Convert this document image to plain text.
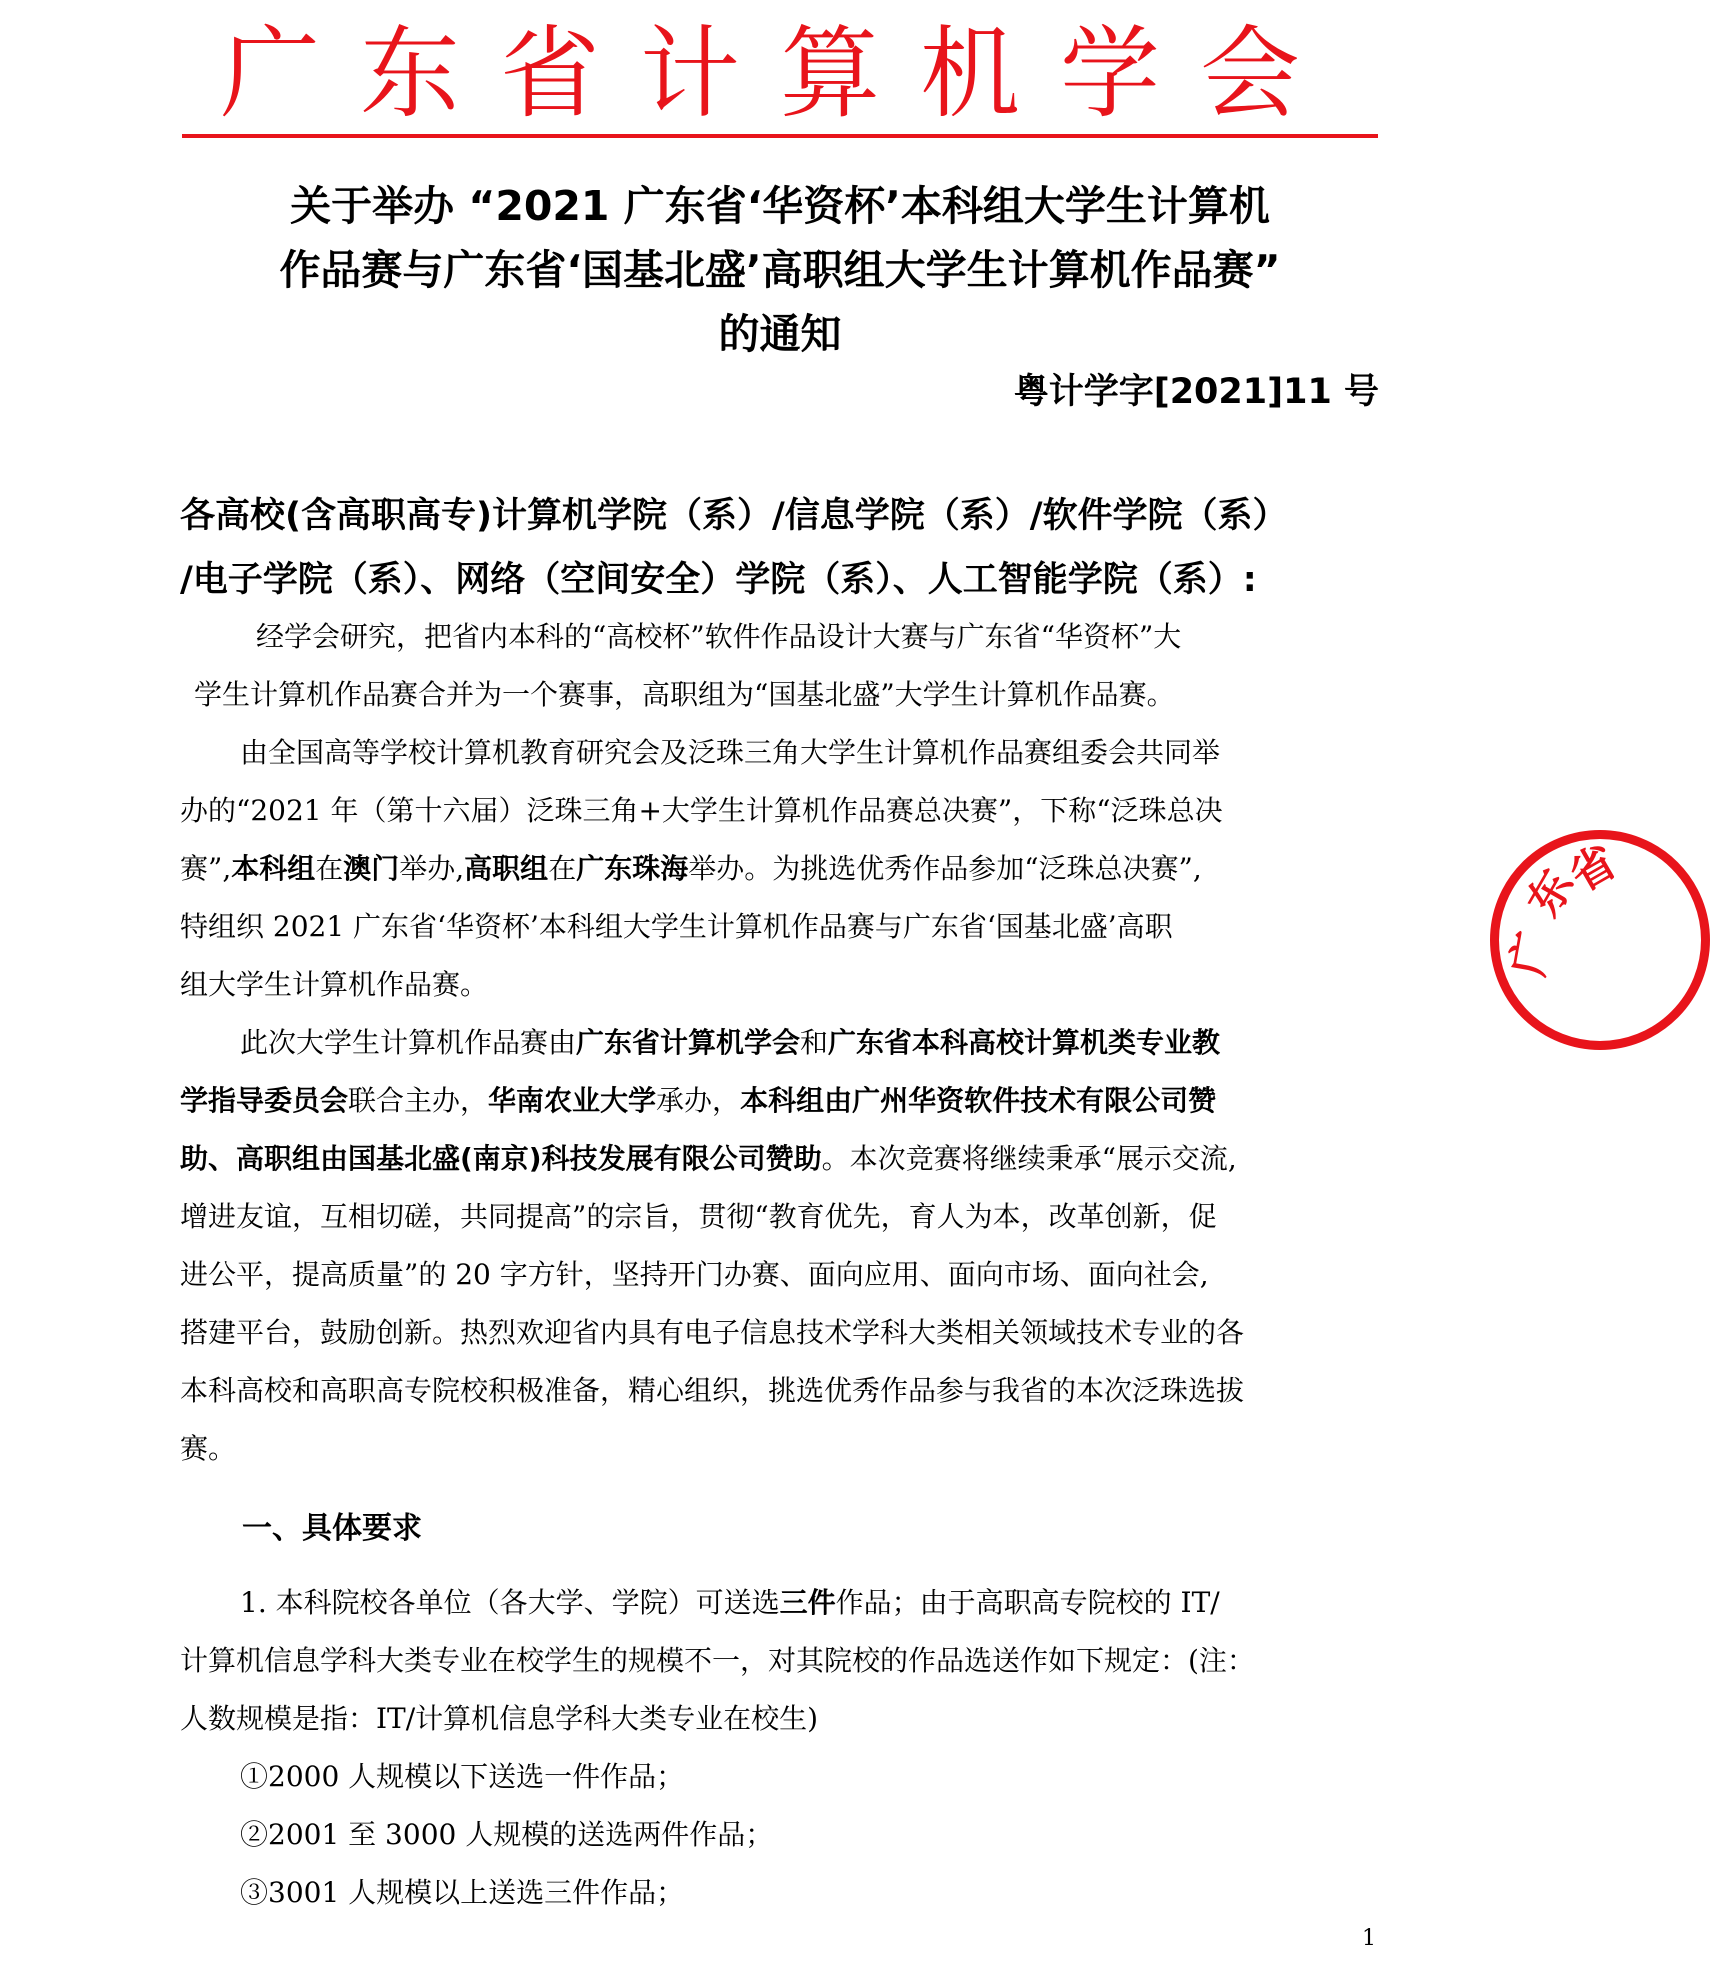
广东省计算机学会
关于举办 “2021 广东省‘华资杯’本科组大学生计算机
作品赛与广东省‘国基北盛’高职组大学生计算机作品赛”
的通知
粤计学字[2021]11 号
各高校(含高职高专)计算机学院（系）/信息学院（系）/软件学院（系）
/电子学院（系）、网络（空间安全）学院（系）、人工智能学院（系）:
经学会研究，把省内本科的“高校杯”软件作品设计大赛与广东省“华资杯”大
学生计算机作品赛合并为一个赛事，高职组为“国基北盛”大学生计算机作品赛。
由全国高等学校计算机教育研究会及泛珠三角大学生计算机作品赛组委会共同举
办的“2021 年（第十六届）泛珠三角+大学生计算机作品赛总决赛”，下称“泛珠总决
赛”,本科组在澳门举办,高职组在广东珠海举办。为挑选优秀作品参加“泛珠总决赛”,
特组织 2021 广东省‘华资杯’本科组大学生计算机作品赛与广东省‘国基北盛’高职
组大学生计算机作品赛。
此次大学生计算机作品赛由广东省计算机学会和广东省本科高校计算机类专业教
学指导委员会联合主办，华南农业大学承办，本科组由广州华资软件技术有限公司赞
助、高职组由国基北盛(南京)科技发展有限公司赞助。本次竞赛将继续秉承“展示交流,
增进友谊，互相切磋，共同提高”的宗旨，贯彻“教育优先，育人为本，改革创新，促
进公平，提高质量”的 20 字方针，坚持开门办赛、面向应用、面向市场、面向社会,
搭建平台，鼓励创新。热烈欢迎省内具有电子信息技术学科大类相关领域技术专业的各
本科高校和高职高专院校积极准备，精心组织，挑选优秀作品参与我省的本次泛珠选拔
赛。
一、具体要求
1. 本科院校各单位（各大学、学院）可送选三件作品；由于高职高专院校的 IT/
计算机信息学科大类专业在校学生的规模不一，对其院校的作品选送作如下规定：(注：
人数规模是指：IT/计算机信息学科大类专业在校生)
①2000 人规模以下送选一件作品；
②2001 至 3000 人规模的送选两件作品；
③3001 人规模以上送选三件作品；
1
东
省
广
